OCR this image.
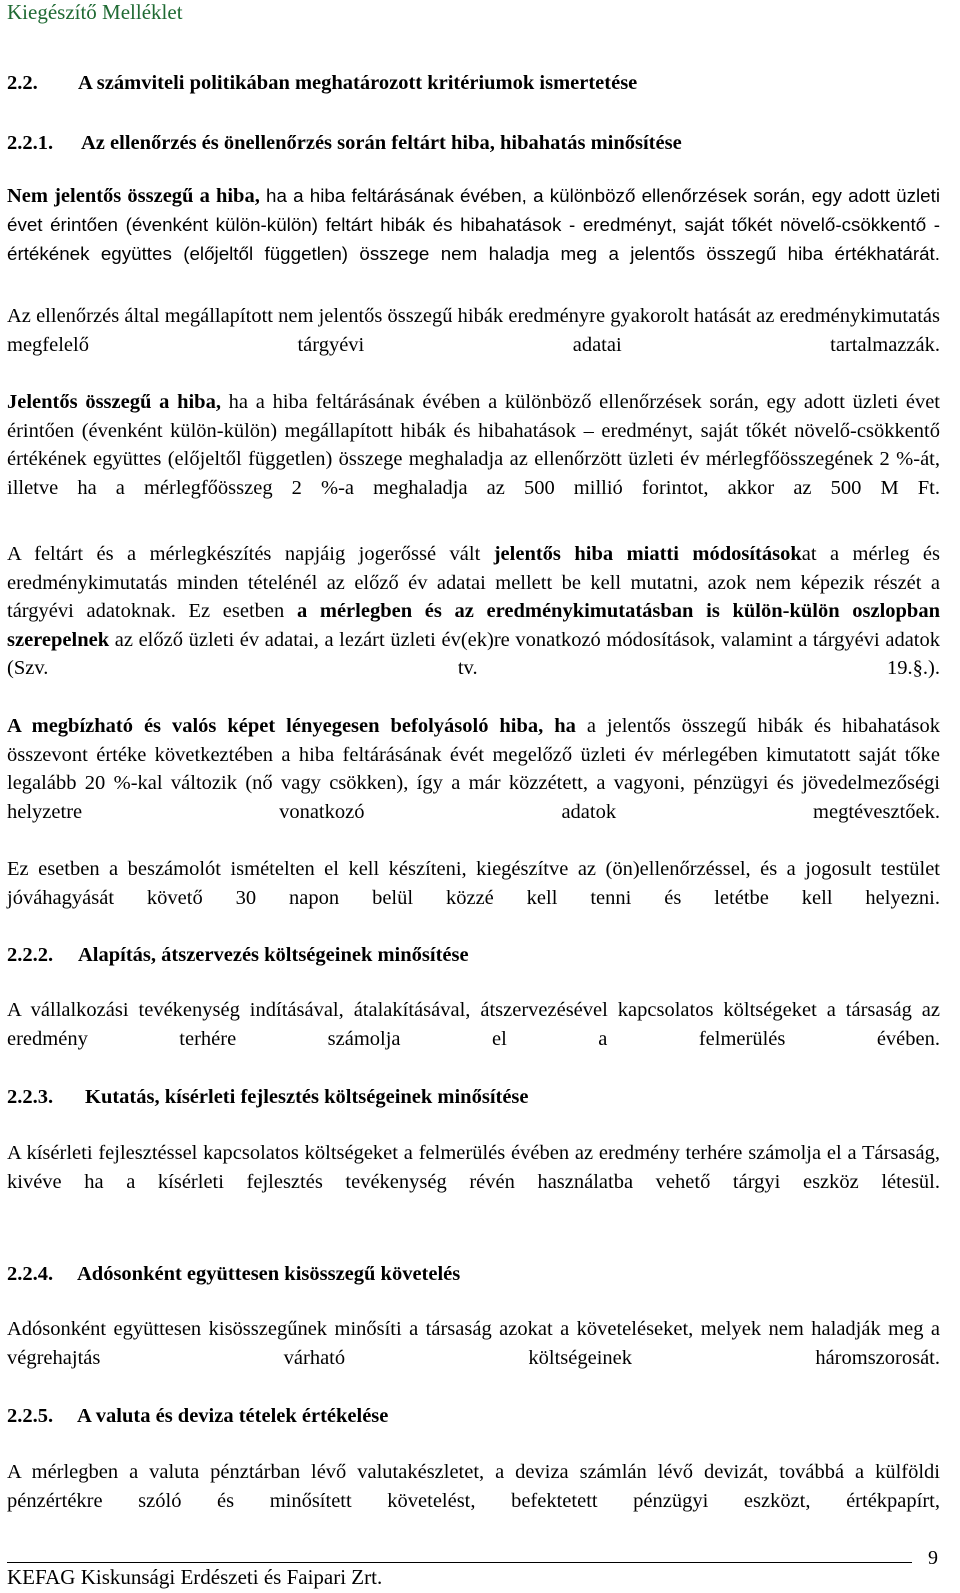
Kiegészítő Melléklet
2.2. A számviteli politikában meghatározott kritériumok ismertetése
2.2.1. Az ellenőrzés és önellenőrzés során feltárt hiba, hibahatás minősítése

Nem jelentős összegű a hiba, ha a hiba feltárásának évében, a különböző ellenőrzések során, egy adott üzleti évet érintően (évenként külön-külön) feltárt hibák és hibahatások - eredményt, saját tőkét növelő-csökkentő - értékének együttes (előjeltől független) összege nem haladja meg a jelentős összegű hiba értékhatárát.

Az ellenőrzés által megállapított nem jelentős összegű hibák eredményre gyakorolt hatását az eredménykimutatás megfelelő tárgyévi adatai tartalmazzák.

Jelentős összegű a hiba, ha a hiba feltárásának évében a különböző ellenőrzések során, egy adott üzleti évet érintően (évenként külön-külön) megállapított hibák és hibahatások – eredményt, saját tőkét növelő-csökkentő értékének együttes (előjeltől független) összege meghaladja az ellenőrzött üzleti év mérlegfőösszegének 2 %-át, illetve ha a mérlegfőösszeg 2 %-a meghaladja az 500 millió forintot, akkor az 500 M Ft.

A feltárt és a mérlegkészítés napjáig jogerőssé vált jelentős hiba miatti módosításokat a mérleg és eredménykimutatás minden tételénél az előző év adatai mellett be kell mutatni, azok nem képezik részét a tárgyévi adatoknak. Ez esetben a mérlegben és az eredménykimutatásban is külön-külön oszlopban szerepelnek az előző üzleti év adatai, a lezárt üzleti év(ek)re vonatkozó módosítások, valamint a tárgyévi adatok (Szv. tv. 19.§.).

A megbízható és valós képet lényegesen befolyásoló hiba, ha a jelentős összegű hibák és hibahatások összevont értéke következtében a hiba feltárásának évét megelőző üzleti év mérlegében kimutatott saját tőke legalább 20 %-kal változik (nő vagy csökken), így a már közzétett, a vagyoni, pénzügyi és jövedelmezőségi helyzetre vonatkozó adatok megtévesztőek.

Ez esetben a beszámolót ismételten el kell készíteni, kiegészítve az (ön)ellenőrzéssel, és a jogosult testület jóváhagyását követő 30 napon belül közzé kell tenni és letétbe kell helyezni.

2.2.2. Alapítás, átszervezés költségeinek minősítése

A vállalkozási tevékenység indításával, átalakításával, átszervezésével kapcsolatos költségeket a társaság az eredmény terhére számolja el a felmerülés évében.

2.2.3. Kutatás, kísérleti fejlesztés költségeinek minősítése

A kísérleti fejlesztéssel kapcsolatos költségeket a felmerülés évében az eredmény terhére számolja el a Társaság, kivéve ha a kísérleti fejlesztés tevékenység révén használatba vehető tárgyi eszköz létesül.

2.2.4. Adósonként együttesen kisösszegű követelés

Adósonként együttesen kisösszegűnek minősíti a társaság azokat a követeléseket, melyek nem haladják meg a végrehajtás várható költségeinek háromszorosát.

2.2.5. A valuta és deviza tételek értékelése

A mérlegben a valuta pénztárban lévő valutakészletet, a deviza számlán lévő devizát, továbbá a külföldi pénzértékre szóló és minősített követelést, befektetett pénzügyi eszközt, értékpapírt,

KEFAG Kiskunsági Erdészeti és Faipari Zrt.
9
